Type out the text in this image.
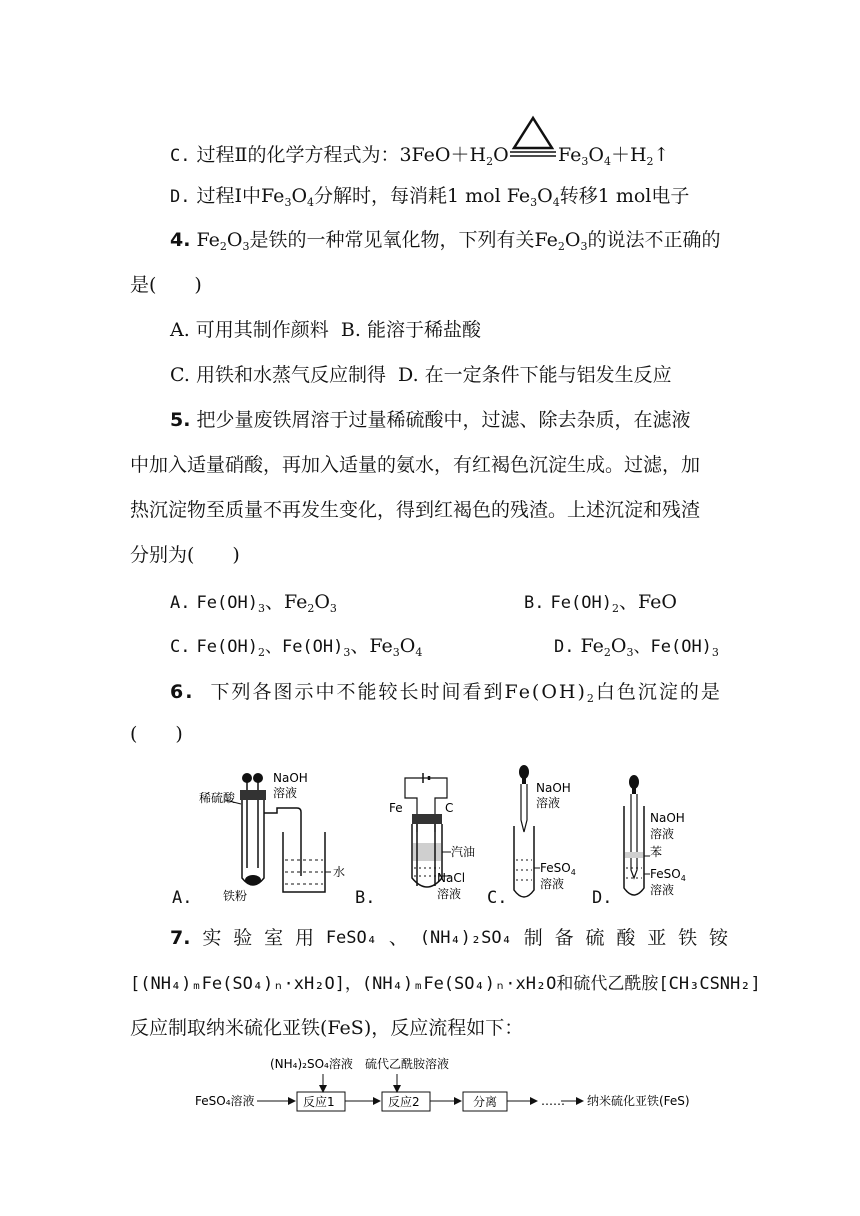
C. 过程Ⅱ的化学方程式为：$3FeO+H_2O$	$Fe_3O_4+H_2↑$
D. 过程Ⅰ中$Fe_3O_4$分解时，每消耗1 mol $Fe_3O_4$转移1 mol电子
4. $Fe_2O_3$是铁的一种常见氧化物，下列有关$Fe_2O_3$的说法不正确的
是(　　)
A. 可用其制作颜料 B. 能溶于稀盐酸
C. 用铁和水蒸气反应制得 D. 在一定条件下能与铝发生反应
5. 把少量废铁屑溶于过量稀硫酸中，过滤、除去杂质，在滤液
中加入适量硝酸，再加入适量的氨水，有红褐色沉淀生成。过滤，加
热沉淀物至质量不再发生变化，得到红褐色的残渣。上述沉淀和残渣
分别为(　　)
A. $Fe(OH)_3$、$Fe_2O_3$	B. $Fe(OH)_2$、FeO
C. $Fe(OH)_2$、$Fe(OH)_3$、$Fe_3O_4$	D. $Fe_2O_3$、$Fe(OH)_3$
6. 下列各图示中不能较长时间看到$Fe(OH)_2$白色沉淀的是
(　　)
NaOH
溶液
稀硫酸
水
铁粉
A.
Fe	C
汽油
NaCl
溶液
B.
NaOH
溶液
FeSO$_4$
溶液
C.
NaOH
溶液
苯
FeSO$_4$
溶液
D.
7. 实 验 室 用 FeSO₄ 、 (NH₄)₂SO₄ 制 备 硫 酸 亚 铁 铵
[(NH₄)ₘFe(SO₄)ₙ·xH₂O]，(NH₄)ₘFe(SO₄)ₙ·xH₂O和硫代乙酰胺[CH₃CSNH₂]
反应制取纳米硫化亚铁(FeS)，反应流程如下：
(NH₄)₂SO₄溶液 硫代乙酰胺溶液
FeSO₄溶液	反应1	反应2	分离	…… 纳米硫化亚铁(FeS)
